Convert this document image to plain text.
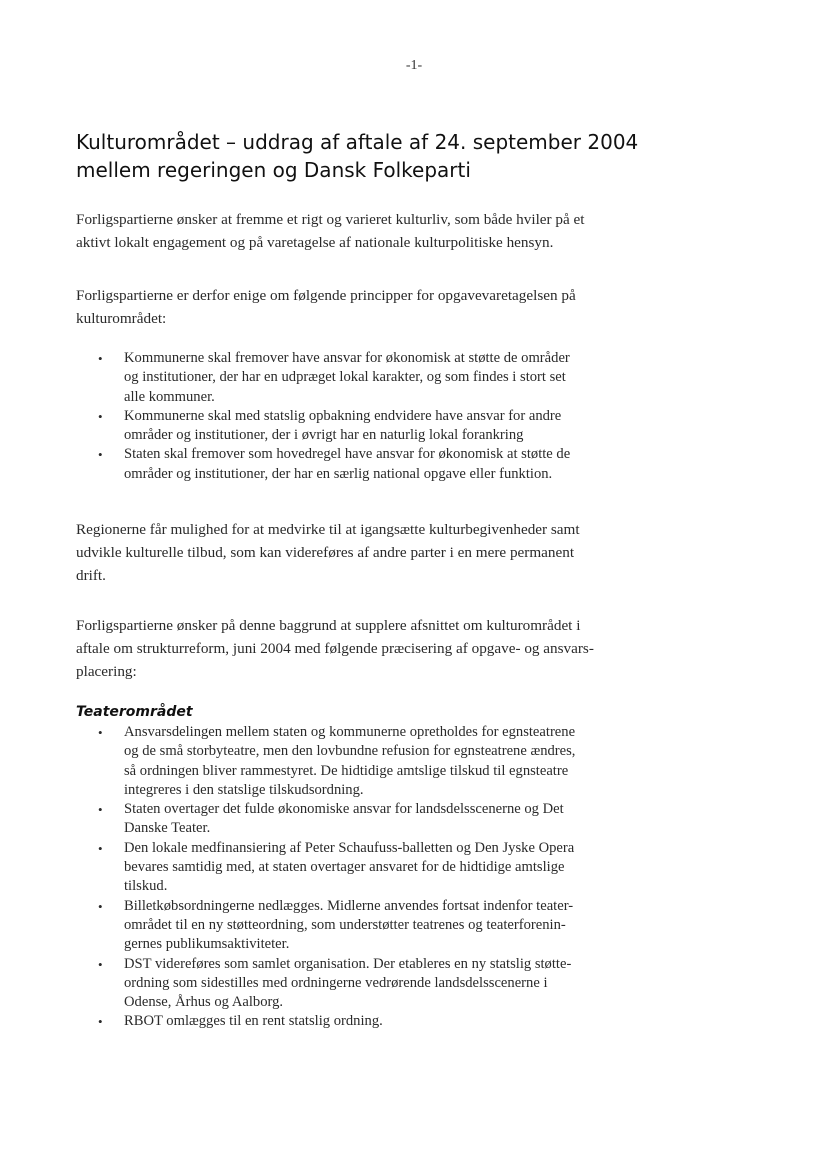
-1-
Kulturområdet – uddrag af aftale af 24. september 2004
mellem regeringen og Dansk Folkeparti

Forligspartierne ønsker at fremme et rigt og varieret kulturliv, som både hviler på et
aktivt lokalt engagement og på varetagelse af nationale kulturpolitiske hensyn.

Forligspartierne er derfor enige om følgende principper for opgavevaretagelsen på
kulturområdet:

• Kommunerne skal fremover have ansvar for økonomisk at støtte de områder
og institutioner, der har en udpræget lokal karakter, og som findes i stort set
alle kommuner.
• Kommunerne skal med statslig opbakning endvidere have ansvar for andre
områder og institutioner, der i øvrigt har en naturlig lokal forankring
• Staten skal fremover som hovedregel have ansvar for økonomisk at støtte de
områder og institutioner, der har en særlig national opgave eller funktion.

Regionerne får mulighed for at medvirke til at igangsætte kulturbegivenheder samt
udvikle kulturelle tilbud, som kan videreføres af andre parter i en mere permanent
drift.

Forligspartierne ønsker på denne baggrund at supplere afsnittet om kulturområdet i
aftale om strukturreform, juni 2004 med følgende præcisering af opgave- og ansvars-
placering:

Teaterområdet
• Ansvarsdelingen mellem staten og kommunerne opretholdes for egnsteatrene
og de små storbyteatre, men den lovbundne refusion for egnsteatrene ændres,
så ordningen bliver rammestyret. De hidtidige amtslige tilskud til egnsteatre
integreres i den statslige tilskudsordning.
• Staten overtager det fulde økonomiske ansvar for landsdelsscenerne og Det
Danske Teater.
• Den lokale medfinansiering af Peter Schaufuss-balletten og Den Jyske Opera
bevares samtidig med, at staten overtager ansvaret for de hidtidige amtslige
tilskud.
• Billetkøbsordningerne nedlægges. Midlerne anvendes fortsat indenfor teater-
området til en ny støtteordning, som understøtter teatrenes og teaterforenin-
gernes publikumsaktiviteter.
• DST videreføres som samlet organisation. Der etableres en ny statslig støtte-
ordning som sidestilles med ordningerne vedrørende landsdelsscenerne i
Odense, Århus og Aalborg.
• RBOT omlægges til en rent statslig ordning.
